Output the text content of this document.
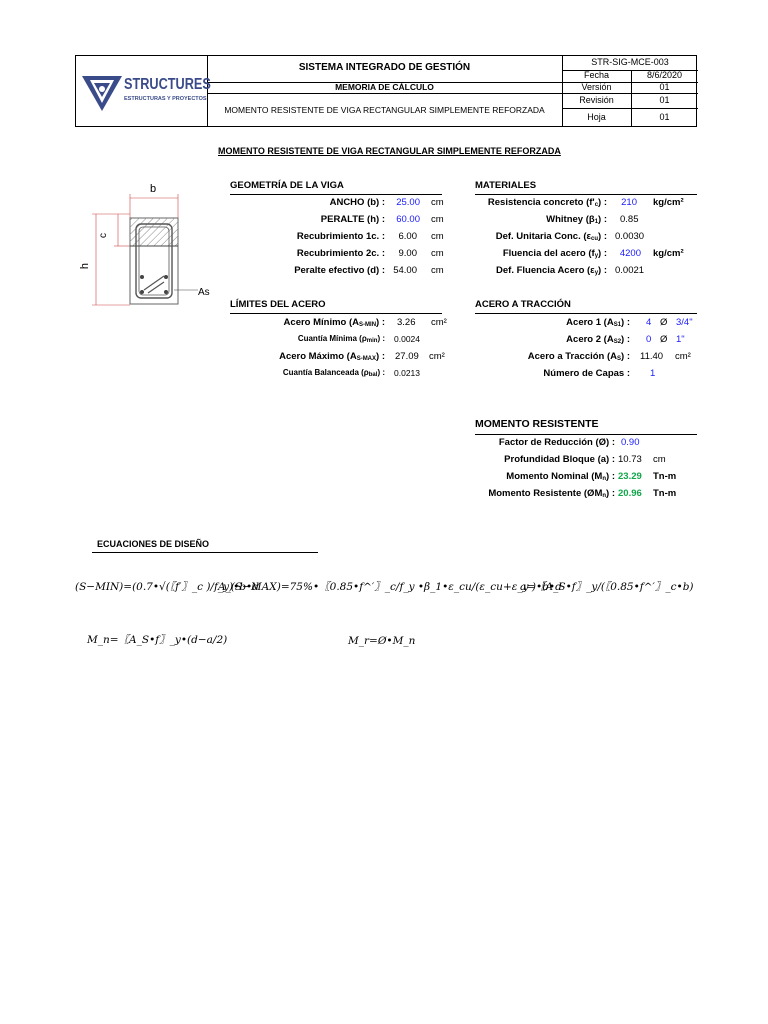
STRUCTURES
ESTRUCTURAS Y PROYECTOS
SISTEMA INTEGRADO DE GESTIÓN
MEMORIA DE CÁLCULO
MOMENTO RESISTENTE DE VIGA RECTANGULAR SIMPLEMENTE REFORZADA
STR-SIG-MCE-003
Fecha	8/6/2020
Versión	01
Revisión	01
Hoja	01
MOMENTO RESISTENTE DE VIGA RECTANGULAR SIMPLEMENTE REFORZADA
b
c
h
As
GEOMETRÍA DE LA VIGA
ANCHO (b) :	25.00 cm
PERALTE (h) :	60.00 cm
Recubrimiento 1c. :	6.00 cm
Recubrimiento 2c. :	9.00 cm
Peralte efectivo (d) : 54.00 cm
MATERIALES
Resistencia concreto $(f'_c)$ :	210 kg/cm²
Whitney $(\beta_1)$ : 0.85
Def. Unitaria Conc. $(\varepsilon_{cu})$ : 0.0030
Fluencia del acero $(f_y)$ :	4200 kg/cm²
Def. Fluencia Acero $(\varepsilon_y)$ : 0.0021
LÍMITES DEL ACERO
Acero Mínimo $(A_{S-MIN})$ : 3.26 cm²
Cuantía Mínima $(\rho_{min})$ : 0.0024
Acero Máximo $(A_{S-MAX})$ : 27.09 cm²
Cuantía Balanceada $(\rho_{bal})$ : 0.0213
ACERO A TRACCIÓN
Acero 1 $(A_{S1})$ : 4 Ø 3/4"
Acero 2 $(A_{S2})$ : 0 Ø 1"
Acero a Tracción $(A_S)$ : 11.40 cm²
Número de Capas : 1
MOMENTO RESISTENTE
Factor de Reducción (Ø) : 0.90
Profundidad Bloque (a) : 10.73 cm
Momento Nominal $(M_n)$ : 23.29 Tn-m
Momento Resistente $(ØM_n)$ : 20.96 Tn-m
ECUACIONES DE DISEÑO
(S−MIN)=(0.7•√(〖f′〗_c )/f_y)•b•d
A_(S−MAX)=75%•〖0.85•f^′〗_c/f_y •β_1•ε_cu/(ε_cu+ε_y )•b•d
a=〖A_S•f〗_y/(〖0.85•f^′〗_c•b)
M_n=〖A_S•f〗_y•(d−a/2)	M_r=Ø•M_n
